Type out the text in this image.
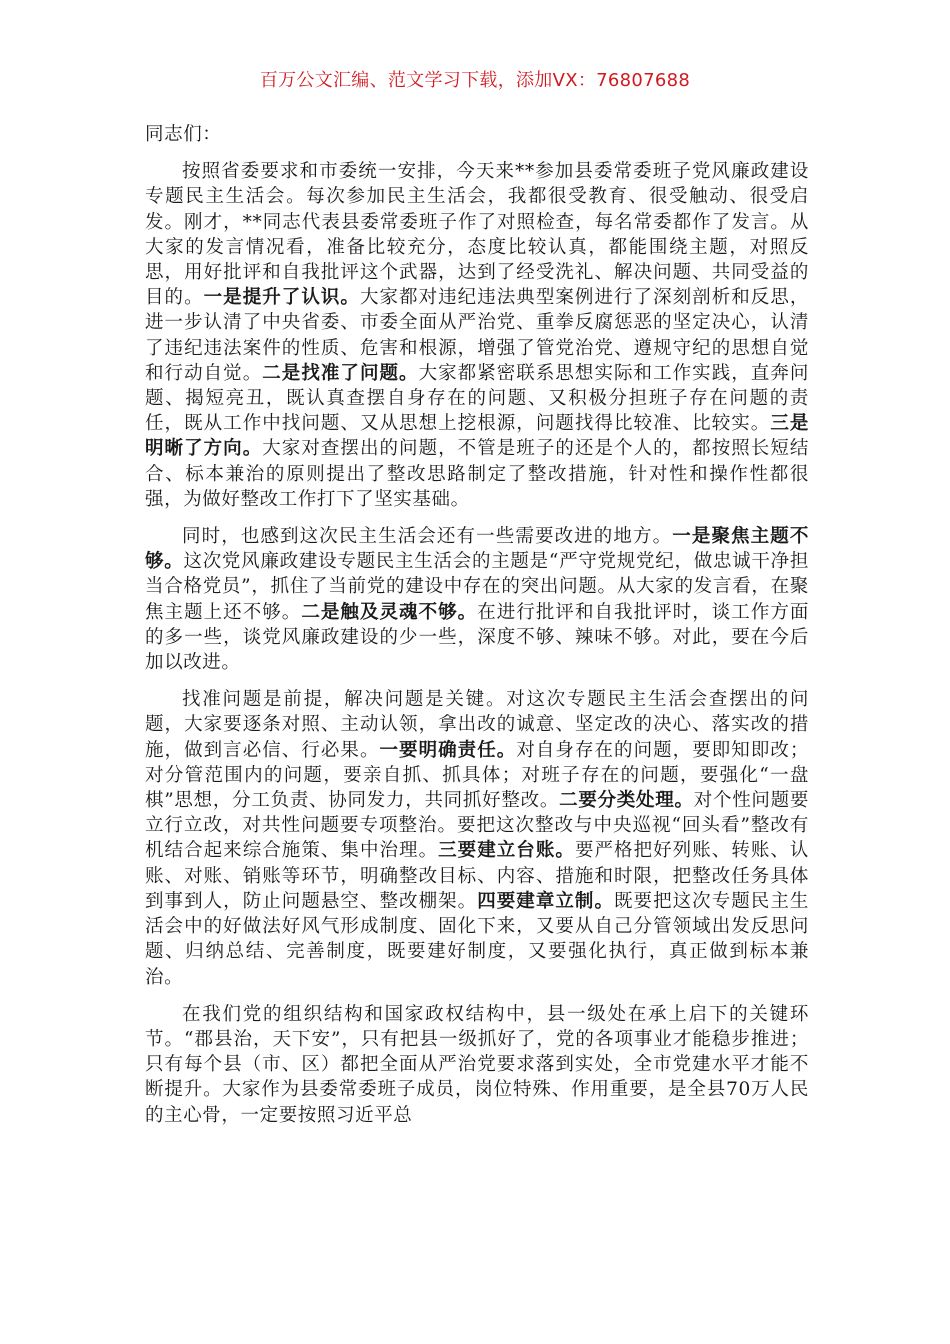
百万公文汇编、范文学习下载，添加VX：76807688

同志们：

按照省委要求和市委统一安排，今天来**参加县委常委班子党风廉政建设专题民主生活会。每次参加民主生活会，我都很受教育、很受触动、很受启发。刚才，**同志代表县委常委班子作了对照检查，每名常委都作了发言。从大家的发言情况看，准备比较充分，态度比较认真，都能围绕主题，对照反思，用好批评和自我批评这个武器，达到了经受洗礼、解决问题、共同受益的目的。一是提升了认识。大家都对违纪违法典型案例进行了深刻剖析和反思，进一步认清了中央省委、市委全面从严治党、重拳反腐惩恶的坚定决心，认清了违纪违法案件的性质、危害和根源，增强了管党治党、遵规守纪的思想自觉和行动自觉。二是找准了问题。大家都紧密联系思想实际和工作实践，直奔问题、揭短亮丑，既认真查摆自身存在的问题、又积极分担班子存在问题的责任，既从工作中找问题、又从思想上挖根源，问题找得比较准、比较实。三是明晰了方向。大家对查摆出的问题，不管是班子的还是个人的，都按照长短结合、标本兼治的原则提出了整改思路制定了整改措施，针对性和操作性都很强，为做好整改工作打下了坚实基础。

同时，也感到这次民主生活会还有一些需要改进的地方。一是聚焦主题不够。这次党风廉政建设专题民主生活会的主题是“严守党规党纪，做忠诚干净担当合格党员”，抓住了当前党的建设中存在的突出问题。从大家的发言看，在聚焦主题上还不够。二是触及灵魂不够。在进行批评和自我批评时，谈工作方面的多一些，谈党风廉政建设的少一些，深度不够、辣味不够。对此，要在今后加以改进。

找准问题是前提，解决问题是关键。对这次专题民主生活会查摆出的问题，大家要逐条对照、主动认领，拿出改的诚意、坚定改的决心、落实改的措施，做到言必信、行必果。一要明确责任。对自身存在的问题，要即知即改；对分管范围内的问题，要亲自抓、抓具体；对班子存在的问题，要强化“一盘棋”思想，分工负责、协同发力，共同抓好整改。二要分类处理。对个性问题要立行立改，对共性问题要专项整治。要把这次整改与中央巡视“回头看”整改有机结合起来综合施策、集中治理。三要建立台账。要严格把好列账、转账、认账、对账、销账等环节，明确整改目标、内容、措施和时限，把整改任务具体到事到人，防止问题悬空、整改棚架。四要建章立制。既要把这次专题民主生活会中的好做法好风气形成制度、固化下来，又要从自己分管领域出发反思问题、归纳总结、完善制度，既要建好制度，又要强化执行，真正做到标本兼治。

在我们党的组织结构和国家政权结构中，县一级处在承上启下的关键环节。“郡县治，天下安”，只有把县一级抓好了，党的各项事业才能稳步推进；只有每个县（市、区）都把全面从严治党要求落到实处，全市党建水平才能不断提升。大家作为县委常委班子成员，岗位特殊、作用重要，是全县70万人民的主心骨，一定要按照习近平总
